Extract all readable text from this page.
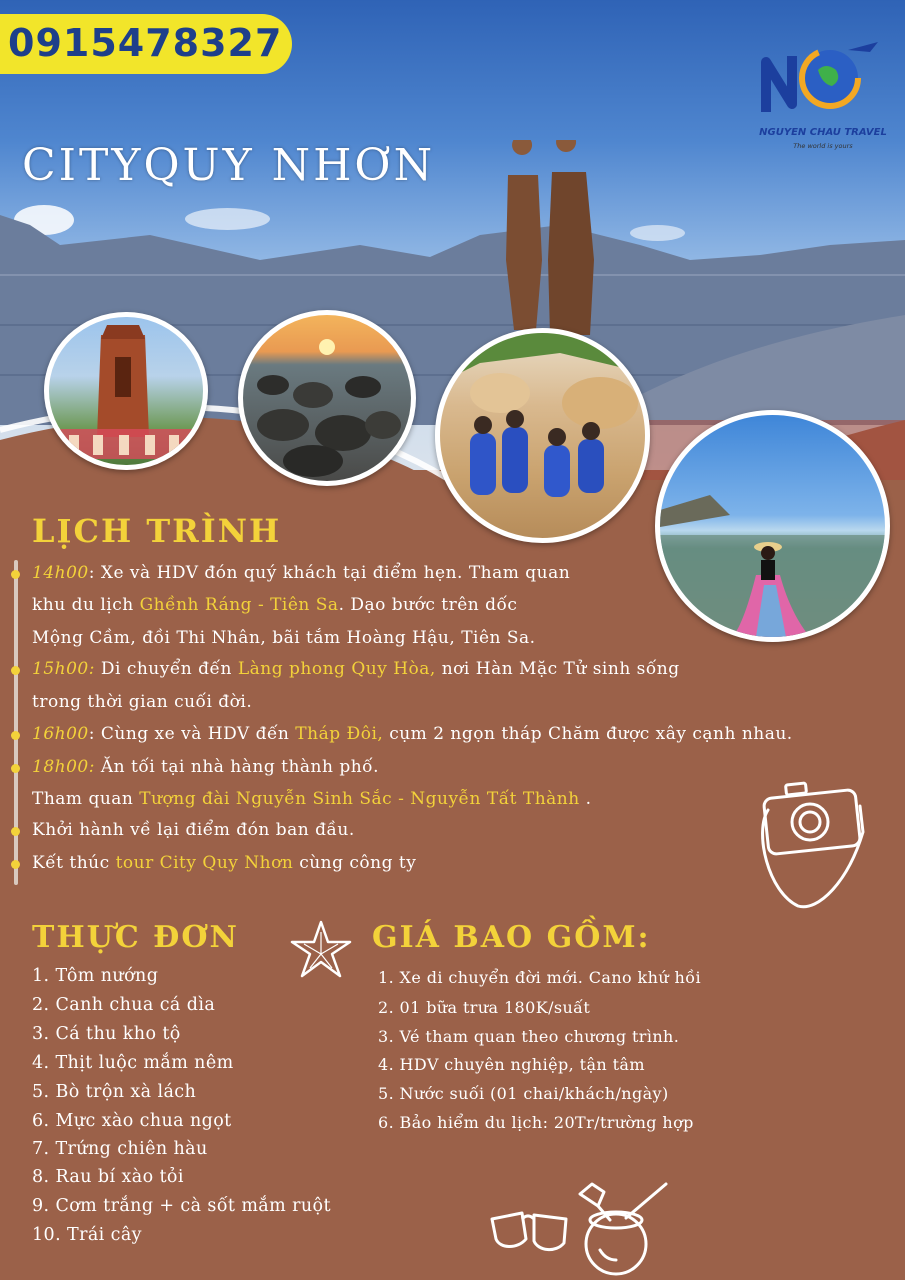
0915478327
NGUYEN CHAU TRAVEL
The world is yours
CITYQUY NHƠN
LỊCH TRÌNH
14h00: Xe và HDV đón quý khách tại điểm hẹn. Tham quan
khu du lịch Ghềnh Ráng - Tiên Sa. Dạo bước trên dốc
Mộng Cầm, đồi Thi Nhân, bãi tắm Hoàng Hậu, Tiên Sa.
15h00: Di chuyển đến Làng phong Quy Hòa, nơi Hàn Mặc Tử sinh sống
trong thời gian cuối đời.
16h00: Cùng xe và HDV đến Tháp Đôi, cụm 2 ngọn tháp Chăm được xây cạnh nhau.
18h00: Ăn tối tại nhà hàng thành phố.
Tham quan Tượng đài Nguyễn Sinh Sắc - Nguyễn Tất Thành .
Khởi hành về lại điểm đón ban đầu.
Kết thúc tour City Quy Nhơn cùng công ty
THỰC ĐƠN
1. Tôm nướng
2. Canh chua cá dìa
3. Cá thu kho tộ
4. Thịt luộc mắm nêm
5. Bò trộn xà lách
6. Mực xào chua ngọt
7. Trứng chiên hàu
8. Rau bí xào tỏi
9. Cơm trắng + cà sốt mắm ruột
10. Trái cây
GIÁ BAO GỒM:
1. Xe di chuyển đời mới. Cano khứ hồi
2. 01 bữa trưa 180K/suất
3. Vé tham quan theo chương trình.
4. HDV chuyên nghiệp, tận tâm
5. Nước suối (01 chai/khách/ngày)
6. Bảo hiểm du lịch: 20Tr/trường hợp
